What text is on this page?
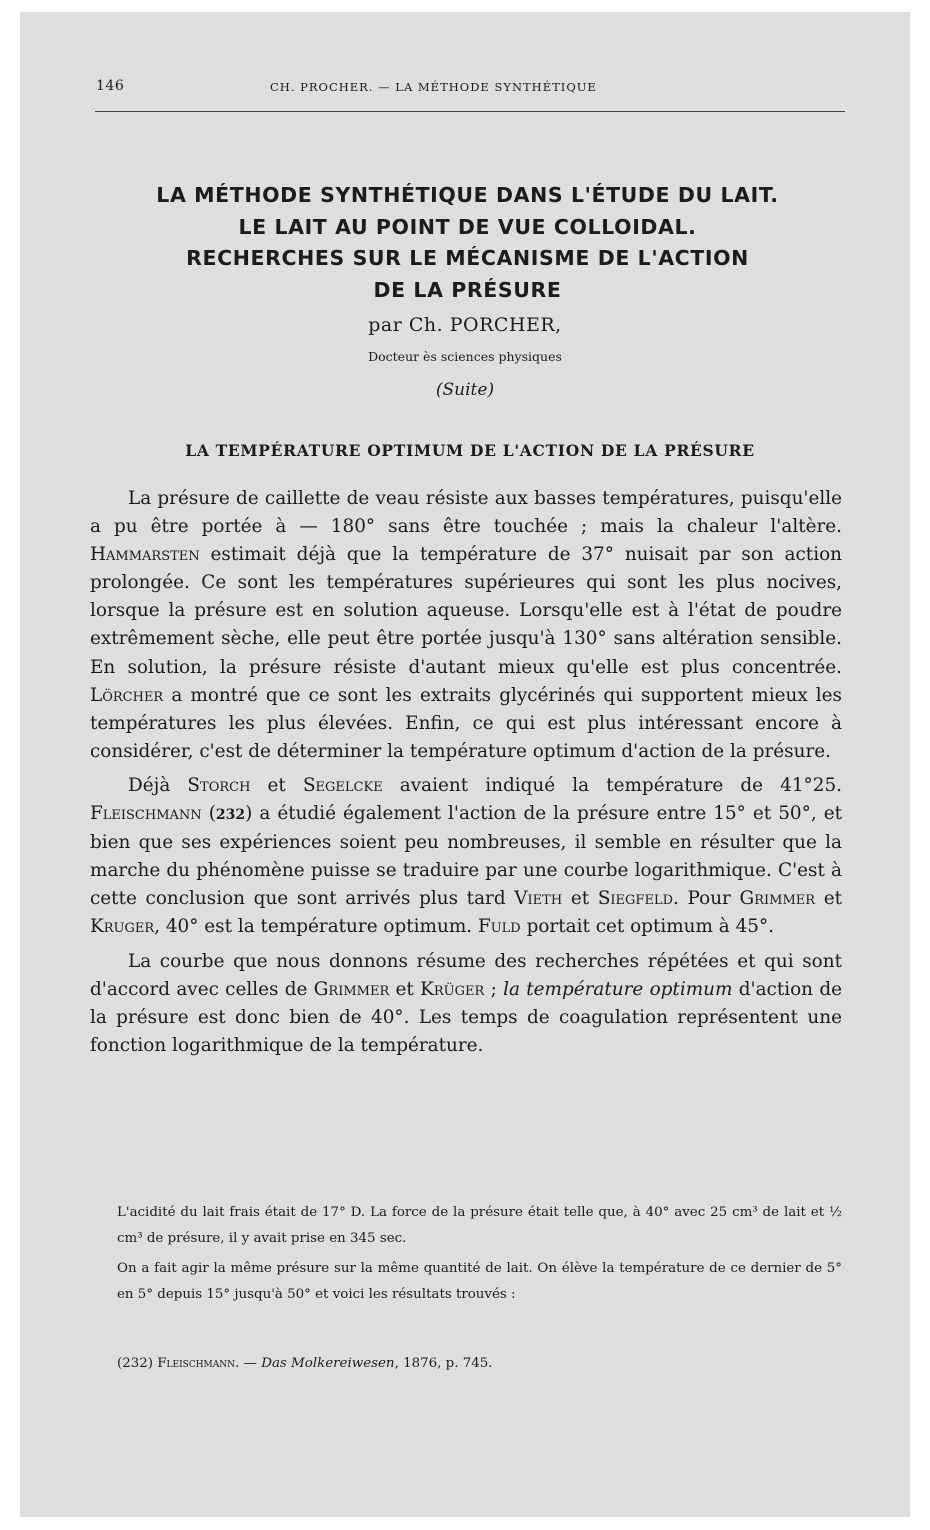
146	CH. PROCHER. — LA MÉTHODE SYNTHÉTIQUE
LA MÉTHODE SYNTHÉTIQUE DANS L'ÉTUDE DU LAIT.
LE LAIT AU POINT DE VUE COLLOIDAL.
RECHERCHES SUR LE MÉCANISME DE L'ACTION
DE LA PRÉSURE
par Ch. PORCHER,
Docteur ès sciences physiques
(Suite)
LA TEMPÉRATURE OPTIMUM DE L'ACTION DE LA PRÉSURE

La présure de caillette de veau résiste aux basses températures, puisqu'elle a pu être portée à — 180° sans être touchée ; mais la chaleur l'altère. Hammarsten estimait déjà que la température de 37° nuisait par son action prolongée. Ce sont les températures supérieures qui sont les plus nocives, lorsque la présure est en solution aqueuse. Lorsqu'elle est à l'état de poudre extrêmement sèche, elle peut être portée jusqu'à 130° sans altération sensible. En solution, la présure résiste d'autant mieux qu'elle est plus concentrée. Lörcher a montré que ce sont les extraits glycérinés qui supportent mieux les températures les plus élevées. Enfin, ce qui est plus intéressant encore à considérer, c'est de déterminer la température optimum d'action de la présure.

Déjà Storch et Segelcke avaient indiqué la température de 41°25. Fleischmann (232) a étudié également l'action de la présure entre 15° et 50°, et bien que ses expériences soient peu nombreuses, il semble en résulter que la marche du phénomène puisse se traduire par une courbe logarithmique. C'est à cette conclusion que sont arrivés plus tard Vieth et Siegfeld. Pour Grimmer et Kruger, 40° est la température optimum. Fuld portait cet optimum à 45°.

La courbe que nous donnons résume des recherches répétées et qui sont d'accord avec celles de Grimmer et Krüger ; la température optimum d'action de la présure est donc bien de 40°. Les temps de coagulation représentent une fonction logarithmique de la température.

L'acidité du lait frais était de 17° D. La force de la présure était telle que, à 40° avec 25 cm³ de lait et ½ cm³ de présure, il y avait prise en 345 sec.

On a fait agir la même présure sur la même quantité de lait. On élève la température de ce dernier de 5° en 5° depuis 15° jusqu'à 50° et voici les résultats trouvés :

(232) Fleischmann. — Das Molkereiwesen, 1876, p. 745.
